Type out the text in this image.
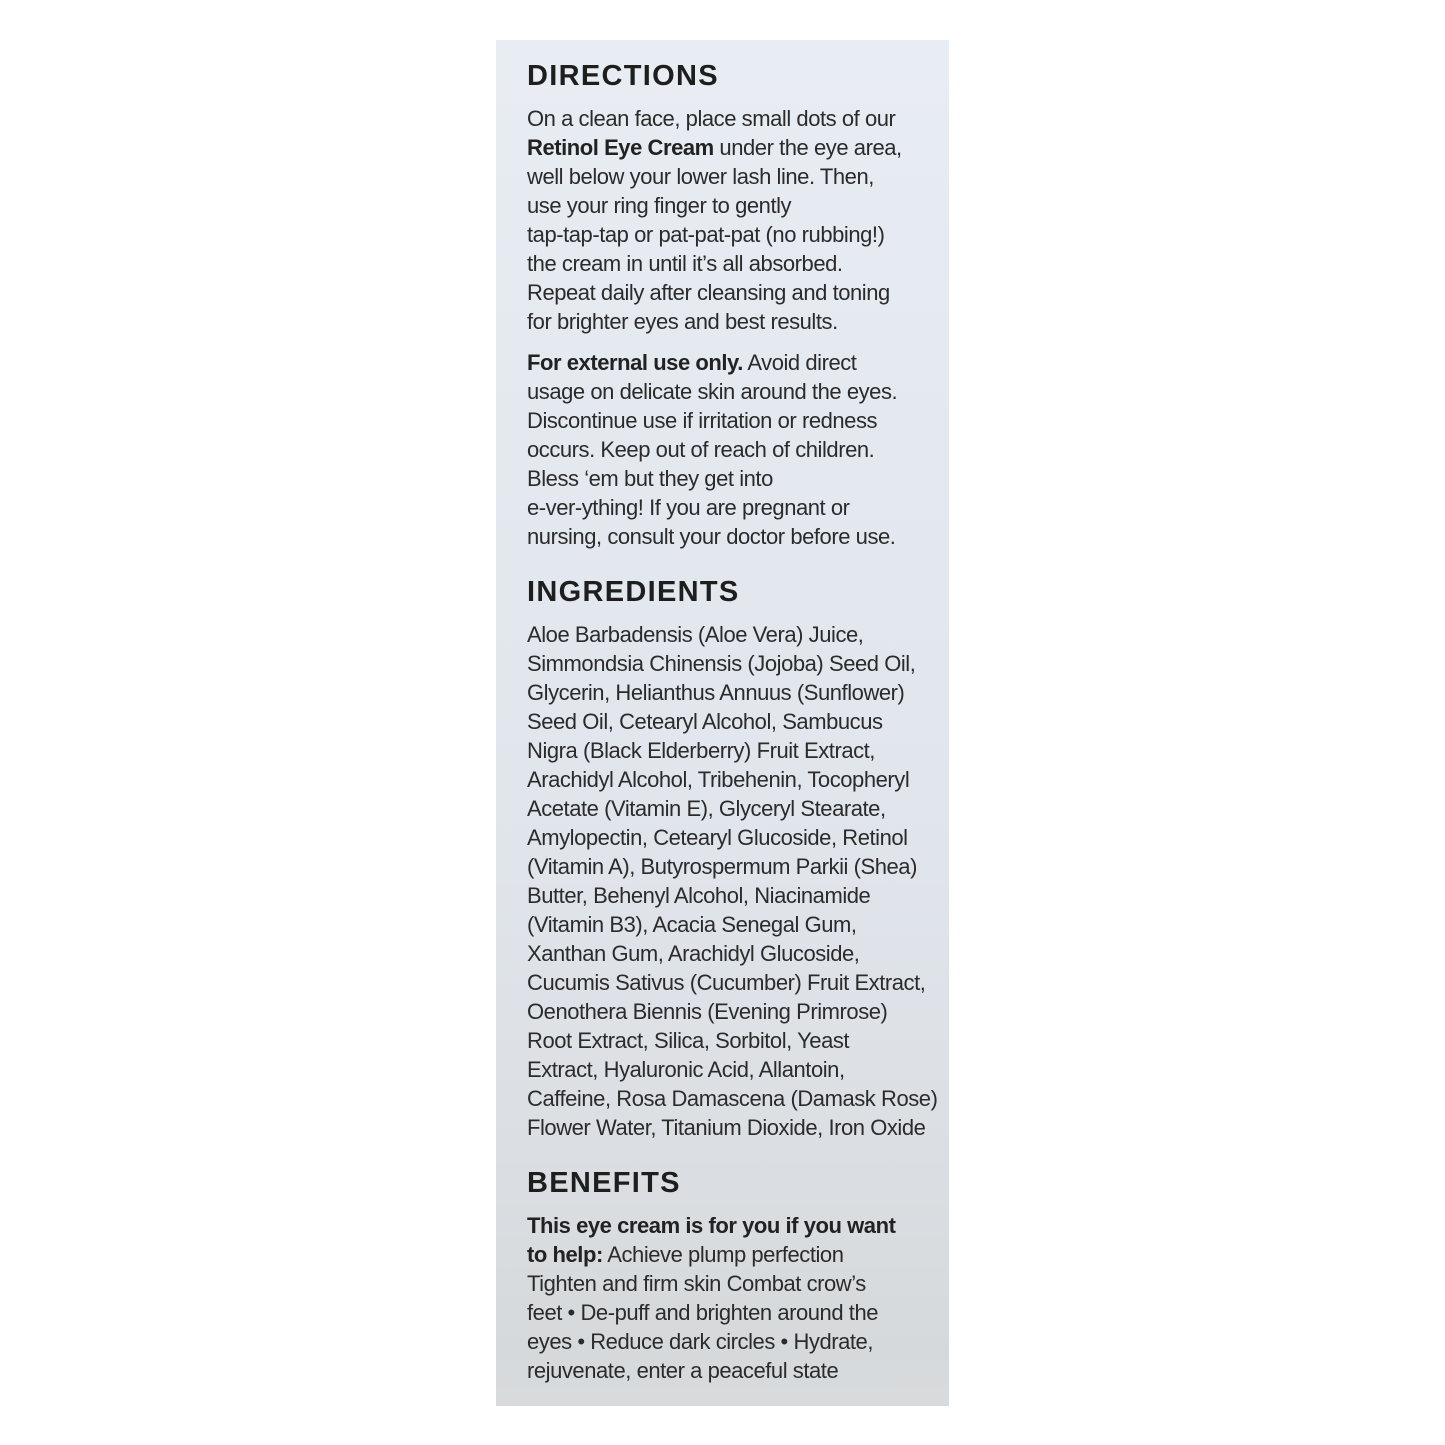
DIRECTIONS

On a clean face, place small dots of our
Retinol Eye Cream under the eye area,
well below your lower lash line. Then,
use your ring finger to gently
tap-tap-tap or pat-pat-pat (no rubbing!)
the cream in until it’s all absorbed.
Repeat daily after cleansing and toning
for brighter eyes and best results.

For external use only. Avoid direct
usage on delicate skin around the eyes.
Discontinue use if irritation or redness
occurs. Keep out of reach of children.
Bless ‘em but they get into
e-ver-ything! If you are pregnant or
nursing, consult your doctor before use.

INGREDIENTS

Aloe Barbadensis (Aloe Vera) Juice,
Simmondsia Chinensis (Jojoba) Seed Oil,
Glycerin, Helianthus Annuus (Sunflower)
Seed Oil, Cetearyl Alcohol, Sambucus
Nigra (Black Elderberry) Fruit Extract,
Arachidyl Alcohol, Tribehenin, Tocopheryl
Acetate (Vitamin E), Glyceryl Stearate,
Amylopectin, Cetearyl Glucoside, Retinol
(Vitamin A), Butyrospermum Parkii (Shea)
Butter, Behenyl Alcohol, Niacinamide
(Vitamin B3), Acacia Senegal Gum,
Xanthan Gum, Arachidyl Glucoside,
Cucumis Sativus (Cucumber) Fruit Extract,
Oenothera Biennis (Evening Primrose)
Root Extract, Silica, Sorbitol, Yeast
Extract, Hyaluronic Acid, Allantoin,
Caffeine, Rosa Damascena (Damask Rose)
Flower Water, Titanium Dioxide, Iron Oxide

BENEFITS

This eye cream is for you if you want
to help: Achieve plump perfection
Tighten and firm skin Combat crow’s
feet • De-puff and brighten around the
eyes • Reduce dark circles • Hydrate,
rejuvenate, enter a peaceful state
